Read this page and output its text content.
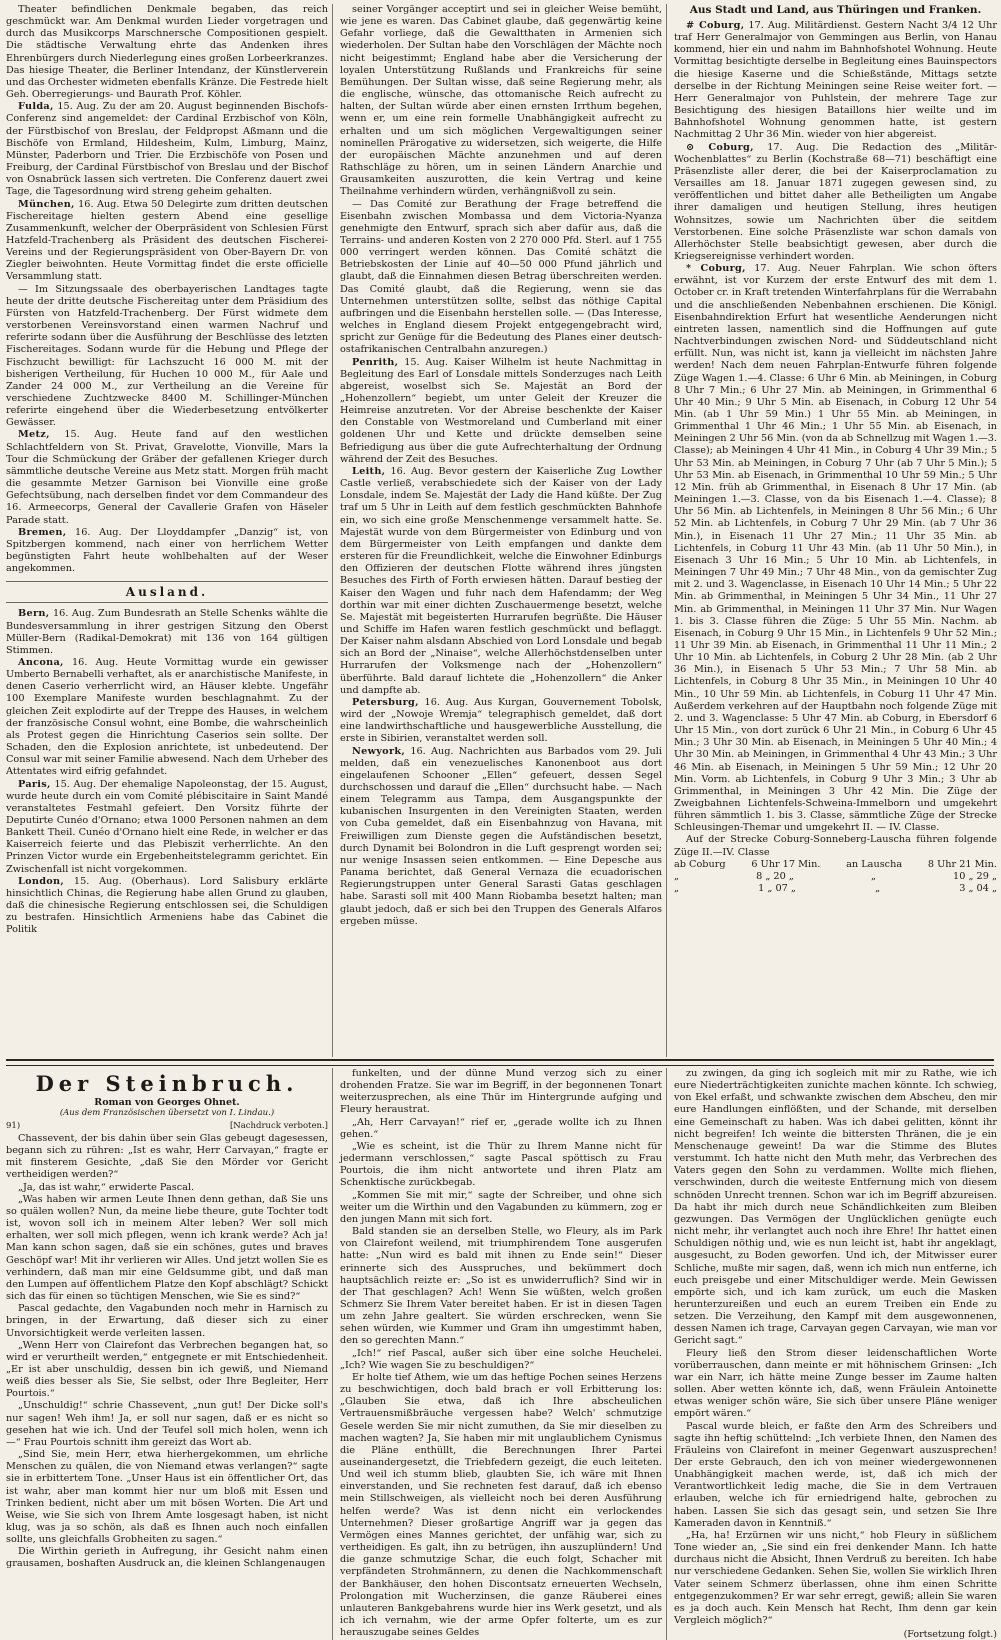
Theater befindlichen Denkmale begaben, das reich geschmückt war. Am Denkmal wurden Lieder vorgetragen und durch das Musikcorps Marschnersche Compositionen gespielt. Die städtische Verwaltung ehrte das Andenken ihres Ehrenbürgers durch Niederlegung eines großen Lorbeerkranzes. Das hiesige Theater, die Berliner Intendanz, der Künstlerverein und das Orchester widmeten ebenfalls Kränze. Die Festrede hielt Geh. Oberregierungs- und Baurath Prof. Köhler.

Fulda, 15. Aug. Zu der am 20. August beginnenden Bischofs-Conferenz sind angemeldet: der Cardinal Erzbischof von Köln, der Fürstbischof von Breslau, der Feldpropst Aßmann und die Bischöfe von Ermland, Hildesheim, Kulm, Limburg, Mainz, Münster, Paderborn und Trier. Die Erzbischöfe von Posen und Freiburg, der Cardinal Fürstbischof von Breslau und der Bischof von Osnabrück lassen sich vertreten. Die Conferenz dauert zwei Tage, die Tagesordnung wird streng geheim gehalten.

München, 16. Aug. Etwa 50 Delegirte zum dritten deutschen Fischereitage hielten gestern Abend eine gesellige Zusammenkunft, welcher der Oberpräsident von Schlesien Fürst Hatzfeld-Trachenberg als Präsident des deutschen Fischerei-Vereins und der Regierungspräsident von Ober-Bayern Dr. von Ziegler beiwohnten. Heute Vormittag findet die erste officielle Versammlung statt.

— Im Sitzungssaale des oberbayerischen Landtages tagte heute der dritte deutsche Fischereitag unter dem Präsidium des Fürsten von Hatzfeld-Trachenberg. Der Fürst widmete dem verstorbenen Vereinsvorstand einen warmen Nachruf und referirte sodann über die Ausführung der Beschlüsse des letzten Fischereitages. Sodann wurde für die Hebung und Pflege der Fischzucht bewilligt: für Lachszucht 16 000 M. mit der bisherigen Vertheilung, für Huchen 10 000 M., für Aale und Zander 24 000 M., zur Vertheilung an die Vereine für verschiedene Zuchtzwecke 8400 M. Schillinger-München referirte eingehend über die Wiederbesetzung entvölkerter Gewässer.

Metz, 15. Aug. Heute fand auf den westlichen Schlachtfeldern von St. Privat, Gravelotte, Vionville, Mars la Tour die Schmückung der Gräber der gefallenen Krieger durch sämmtliche deutsche Vereine aus Metz statt. Morgen früh macht die gesammte Metzer Garnison bei Vionville eine große Gefechtsübung, nach derselben findet vor dem Commandeur des 16. Armeecorps, General der Cavallerie Grafen von Häseler Parade statt.

Bremen, 16. Aug. Der Lloyddampfer „Danzig“ ist, von Spitzbergen kommend, nach einer von herrlichem Wetter begünstigten Fahrt heute wohlbehalten auf der Weser angekommen.

Ausland.

Bern, 16. Aug. Zum Bundesrath an Stelle Schenks wählte die Bundesversammlung in ihrer gestrigen Sitzung den Oberst Müller-Bern (Radikal-Demokrat) mit 136 von 164 gültigen Stimmen.

Ancona, 16. Aug. Heute Vormittag wurde ein gewisser Umberto Bernabelli verhaftet, als er anarchistische Manifeste, in denen Caserio verherrlicht wird, an Häuser klebte. Ungefähr 100 Exemplare Manifeste wurden beschlagnahmt. Zu der gleichen Zeit explodirte auf der Treppe des Hauses, in welchem der französische Consul wohnt, eine Bombe, die wahrscheinlich als Protest gegen die Hinrichtung Caserios sein sollte. Der Schaden, den die Explosion anrichtete, ist unbedeutend. Der Consul war mit seiner Familie abwesend. Nach dem Urheber des Attentates wird eifrig gefahndet.

Paris, 15. Aug. Der ehemalige Napoleonstag, der 15. August, wurde heute durch ein vom Comité plébiscitaire in Saint Mandé veranstaltetes Festmahl gefeiert. Den Vorsitz führte der Deputirte Cunéo d'Ornano; etwa 1000 Personen nahmen an dem Bankett Theil. Cunéo d'Ornano hielt eine Rede, in welcher er das Kaiserreich feierte und das Plebiszit verherrlichte. An den Prinzen Victor wurde ein Ergebenheitstelegramm gerichtet. Ein Zwischenfall ist nicht vorgekommen.

London, 15. Aug. (Oberhaus). Lord Salisbury erklärte hinsichtlich Chinas, die Regierung habe allen Grund zu glauben, daß die chinesische Regierung entschlossen sei, die Schuldigen zu bestrafen. Hinsichtlich Armeniens habe das Cabinet die Politik

seiner Vorgänger acceptirt und sei in gleicher Weise bemüht, wie jene es waren. Das Cabinet glaube, daß gegenwärtig keine Gefahr vorliege, daß die Gewaltthaten in Armenien sich wiederholen. Der Sultan habe den Vorschlägen der Mächte noch nicht beigestimmt; England habe aber die Versicherung der loyalen Unterstützung Rußlands und Frankreichs für seine Bemühungen. Der Sultan wisse, daß seine Regierung mehr, als die englische, wünsche, das ottomanische Reich aufrecht zu halten, der Sultan würde aber einen ernsten Irrthum begehen, wenn er, um eine rein formelle Unabhängigkeit aufrecht zu erhalten und um sich möglichen Vergewaltigungen seiner nominellen Prärogative zu widersetzen, sich weigerte, die Hilfe der europäischen Mächte anzunehmen und auf deren Rathschläge zu hören, um in seinen Ländern Anarchie und Grausamkeiten auszurotten, die kein Vertrag und keine Theilnahme verhindern würden, verhängnißvoll zu sein.

— Das Comité zur Berathung der Frage betreffend die Eisenbahn zwischen Mombassa und dem Victoria-Nyanza genehmigte den Entwurf, sprach sich aber dafür aus, daß die Terrains- und anderen Kosten von 2 270 000 Pfd. Sterl. auf 1 755 000 verringert werden können. Das Comité schätzt die Betriebskosten der Linie auf 40—50 000 Pfund jährlich und glaubt, daß die Einnahmen diesen Betrag überschreiten werden. Das Comité glaubt, daß die Regierung, wenn sie das Unternehmen unterstützen sollte, selbst das nöthige Capital aufbringen und die Eisenbahn herstellen solle. — (Das Interesse, welches in England diesem Projekt entgegengebracht wird, spricht zur Genüge für die Bedeutung des Planes einer deutsch-ostafrikanischen Centralbahn anzuregen.)

Penrith, 15. Aug. Kaiser Wilhelm ist heute Nachmittag in Begleitung des Earl of Lonsdale mittels Sonderzuges nach Leith abgereist, woselbst sich Se. Majestät an Bord der „Hohenzollern“ begiebt, um unter Geleit der Kreuzer die Heimreise anzutreten. Vor der Abreise beschenkte der Kaiser den Constable von Westmoreland und Cumberland mit einer goldenen Uhr und Kette und drückte demselben seine Befriedigung aus über die gute Aufrechterhaltung der Ordnung während der Zeit des Besuches.

Leith, 16. Aug. Bevor gestern der Kaiserliche Zug Lowther Castle verließ, verabschiedete sich der Kaiser von der Lady Lonsdale, indem Se. Majestät der Lady die Hand küßte. Der Zug traf um 5 Uhr in Leith auf dem festlich geschmückten Bahnhofe ein, wo sich eine große Menschenmenge versammelt hatte. Se. Majestät wurde von dem Bürgermeister von Edinburg und von dem Bürgermeister von Leith empfangen und dankte dem ersteren für die Freundlichkeit, welche die Einwohner Edinburgs den Offizieren der deutschen Flotte während ihres jüngsten Besuches des Firth of Forth erwiesen hätten. Darauf bestieg der Kaiser den Wagen und fuhr nach dem Hafendamm; der Weg dorthin war mit einer dichten Zuschauermenge besetzt, welche Se. Majestät mit begeisterten Hurrarufen begrüßte. Die Häuser und Schiffe im Hafen waren festlich geschmückt und beflaggt. Der Kaiser nahm alsdann Abschied von Lord Lonsdale und begab sich an Bord der „Ninaise“, welche Allerhöchstdenselben unter Hurrarufen der Volksmenge nach der „Hohenzollern“ überführte. Bald darauf lichtete die „Hohenzollern“ die Anker und dampfte ab.

Petersburg, 16. Aug. Aus Kurgan, Gouvernement Tobolsk, wird der „Nowoje Wremja“ telegraphisch gemeldet, daß dort eine landwirthschaftliche und hausgewerbliche Ausstellung, die erste in Sibirien, veranstaltet werden soll.

Newyork, 16. Aug. Nachrichten aus Barbados vom 29. Juli melden, daß ein venezuelisches Kanonenboot aus dort eingelaufenen Schooner „Ellen“ gefeuert, dessen Segel durchschossen und darauf die „Ellen“ durchsucht habe. — Nach einem Telegramm aus Tampa, dem Ausgangspunkte der kubanischen Insurgenten in den Vereinigten Staaten, werden von Cuba gemeldet, daß ein Eisenbahnzug von Havana, mit Freiwilligen zum Dienste gegen die Aufständischen besetzt, durch Dynamit bei Bolondron in die Luft gesprengt worden sei; nur wenige Insassen seien entkommen. — Eine Depesche aus Panama berichtet, daß General Vernaza die ecuadorischen Regierungstruppen unter General Sarasti Gatas geschlagen habe. Sarasti soll mit 400 Mann Riobamba besetzt halten; man glaubt jedoch, daß er sich bei den Truppen des Generals Alfaros ergeben müsse.

Aus Stadt und Land, aus Thüringen und Franken.

# Coburg, 17. Aug. Militärdienst. Gestern Nacht 3/4 12 Uhr traf Herr Generalmajor von Gemmingen aus Berlin, von Hanau kommend, hier ein und nahm im Bahnhofshotel Wohnung. Heute Vormittag besichtigte derselbe in Begleitung eines Bauinspectors die hiesige Kaserne und die Schießstände, Mittags setzte derselbe in der Richtung Meiningen seine Reise weiter fort. — Herr Generalmajor von Puhlstein, der mehrere Tage zur Besichtigung des hiesigen Bataillons hier weilte und im Bahnhofshotel Wohnung genommen hatte, ist gestern Nachmittag 2 Uhr 36 Min. wieder von hier abgereist.

⊙ Coburg, 17. Aug. Die Redaction des „Militär-Wochenblattes“ zu Berlin (Kochstraße 68—71) beschäftigt eine Präsenzliste aller derer, die bei der Kaiserproclamation zu Versailles am 18. Januar 1871 zugegen gewesen sind, zu veröffentlichen und bittet daher alle Betheiligten um Angabe ihrer damaligen und heutigen Stellung, ihres heutigen Wohnsitzes, sowie um Nachrichten über die seitdem Verstorbenen. Eine solche Präsenzliste war schon damals von Allerhöchster Stelle beabsichtigt gewesen, aber durch die Kriegsereignisse verhindert worden.

* Coburg, 17. Aug. Neuer Fahrplan. Wie schon öfters erwähnt, ist vor Kurzem der erste Entwurf des mit dem 1. October cr. in Kraft tretenden Winterfahrplans für die Werrabahn und die anschließenden Nebenbahnen erschienen. Die Königl. Eisenbahndirektion Erfurt hat wesentliche Aenderungen nicht eintreten lassen, namentlich sind die Hoffnungen auf gute Nachtverbindungen zwischen Nord- und Süddeutschland nicht erfüllt. Nun, was nicht ist, kann ja vielleicht im nächsten Jahre werden! Nach dem neuen Fahrplan-Entwurfe führen folgende Züge Wagen 1.—4. Classe: 6 Uhr 6 Min. ab Meiningen, in Coburg 8 Uhr 7 Min.; 6 Uhr 27 Min. ab Meiningen, in Grimmenthal 6 Uhr 40 Min.; 9 Uhr 5 Min. ab Eisenach, in Coburg 12 Uhr 54 Min. (ab 1 Uhr 59 Min.) 1 Uhr 55 Min. ab Meiningen, in Grimmenthal 1 Uhr 46 Min.; 1 Uhr 55 Min. ab Eisenach, in Meiningen 2 Uhr 56 Min. (von da ab Schnellzug mit Wagen 1.—3. Classe); ab Meiningen 4 Uhr 41 Min., in Coburg 4 Uhr 39 Min.; 5 Uhr 53 Min. ab Meiningen, in Coburg 7 Uhr (ab 7 Uhr 5 Min.); 5 Uhr 53 Min. ab Eisenach, in Grimmenthal 10 Uhr 59 Min.; 5 Uhr 12 Min. früh ab Grimmenthal, in Eisenach 8 Uhr 17 Min. (ab Meiningen 1.—3. Classe, von da bis Eisenach 1.—4. Classe); 8 Uhr 56 Min. ab Lichtenfels, in Meiningen 8 Uhr 56 Min.; 6 Uhr 52 Min. ab Lichtenfels, in Coburg 7 Uhr 29 Min. (ab 7 Uhr 36 Min.), in Eisenach 11 Uhr 27 Min.; 11 Uhr 35 Min. ab Lichtenfels, in Coburg 11 Uhr 43 Min. (ab 11 Uhr 50 Min.), in Eisenach 3 Uhr 16 Min.; 5 Uhr 10 Min. ab Lichtenfels, in Meiningen 7 Uhr 49 Min.; 7 Uhr 48 Min., von da gemischter Zug mit 2. und 3. Wagenclasse, in Eisenach 10 Uhr 14 Min.; 5 Uhr 22 Min. ab Grimmenthal, in Meiningen 5 Uhr 34 Min., 11 Uhr 27 Min. ab Grimmenthal, in Meiningen 11 Uhr 37 Min. Nur Wagen 1. bis 3. Classe führen die Züge: 5 Uhr 55 Min. Nachm. ab Eisenach, in Coburg 9 Uhr 15 Min., in Lichtenfels 9 Uhr 52 Min.; 11 Uhr 39 Min. ab Eisenach, in Grimmenthal 11 Uhr 11 Min.; 2 Uhr 10 Min. ab Lichtenfels, in Coburg 2 Uhr 28 Min. (ab 2 Uhr 36 Min.), in Eisenach 5 Uhr 53 Min.; 7 Uhr 58 Min. ab Lichtenfels, in Coburg 8 Uhr 35 Min., in Meiningen 10 Uhr 40 Min., 10 Uhr 59 Min. ab Lichtenfels, in Coburg 11 Uhr 47 Min. Außerdem verkehren auf der Hauptbahn noch folgende Züge mit 2. und 3. Wagenclasse: 5 Uhr 47 Min. ab Coburg, in Ebersdorf 6 Uhr 15 Min., von dort zurück 6 Uhr 21 Min., in Coburg 6 Uhr 45 Min.; 3 Uhr 30 Min. ab Eisenach, in Meiningen 5 Uhr 40 Min.; 4 Uhr 30 Min. ab Meiningen, in Grimmenthal 4 Uhr 43 Min.; 3 Uhr 46 Min. ab Eisenach, in Meiningen 5 Uhr 59 Min.; 12 Uhr 20 Min. Vorm. ab Lichtenfels, in Coburg 9 Uhr 3 Min.; 3 Uhr ab Grimmenthal, in Meiningen 3 Uhr 42 Min. Die Züge der Zweigbahnen Lichtenfels-Schweina-Immelborn und umgekehrt führen sämmtlich 1. bis 3. Classe, sämmtliche Züge der Strecke Schleusingen-Themar und umgekehrt II. — IV. Classe.

Auf der Strecke Coburg-Sonneberg-Lauscha führen folgende Züge II.—IV. Classe

ab Coburg	6 Uhr 17 Min.	an Lauscha	8 Uhr 21 Min.
„	8 „ 20 „	„	10 „ 29 „
„	1 „ 07 „	„	3 „ 04 „
Der Steinbruch.
Roman von Georges Ohnet.
(Aus dem Französischen übersetzt von I. Lindau.)
91)	[Nachdruck verboten.]

Chassevent, der bis dahin über sein Glas gebeugt dagesessen, begann sich zu rühren: „Ist es wahr, Herr Carvayan,“ fragte er mit finsterem Gesichte, „daß Sie den Mörder vor Gericht vertheidigen werden?“

„Ja, das ist wahr,“ erwiderte Pascal.

„Was haben wir armen Leute Ihnen denn gethan, daß Sie uns so quälen wollen? Nun, da meine liebe theure, gute Tochter todt ist, wovon soll ich in meinem Alter leben? Wer soll mich erhalten, wer soll mich pflegen, wenn ich krank werde? Ach ja! Man kann schon sagen, daß sie ein schönes, gutes und braves Geschöpf war! Mit ihr verlieren wir Alles. Und jetzt wollen Sie es verhindern, daß man mir eine Geldsumme gibt, und daß man den Lumpen auf öffentlichem Platze den Kopf abschlägt? Schickt sich das für einen so tüchtigen Menschen, wie Sie es sind?“

Pascal gedachte, den Vagabunden noch mehr in Harnisch zu bringen, in der Erwartung, daß dieser sich zu einer Unvorsichtigkeit werde verleiten lassen.

„Wenn Herr von Clairefont das Verbrechen begangen hat, so wird er verurtheilt werden,“ entgegnete er mit Entschiedenheit. „Er ist aber unschuldig, dessen bin ich gewiß, und Niemand weiß dies besser als Sie, Sie selbst, oder Ihre Begleiter, Herr Pourtois.“

„Unschuldig!“ schrie Chassevent, „nun gut! Der Dicke soll's nur sagen! Weh ihm! Ja, er soll nur sagen, daß er es nicht so gesehen hat wie ich. Und der Teufel soll mich holen, wenn ich —“ Frau Pourtois schnitt ihm gereizt das Wort ab.

„Sind Sie, mein Herr, etwa hierhergekommen, um ehrliche Menschen zu quälen, die von Niemand etwas verlangen?“ sagte sie in erbittertem Tone. „Unser Haus ist ein öffentlicher Ort, das ist wahr, aber man kommt hier nur um bloß mit Essen und Trinken bedient, nicht aber um mit bösen Worten. Die Art und Weise, wie Sie sich von Ihrem Amte losgesagt haben, ist nicht klug, was ja so schön, als daß es Ihnen auch noch einfallen sollte, uns gleichfalls Grobheiten zu sagen.“

Die Wirthin gerieth in Aufregung, ihr Gesicht nahm einen grausamen, boshaften Ausdruck an, die kleinen Schlangenaugen

funkelten, und der dünne Mund verzog sich zu einer drohenden Fratze. Sie war im Begriff, in der begonnenen Tonart weiterzusprechen, als eine Thür im Hintergrunde aufging und Fleury heraustrat.

„Ah, Herr Carvayan!“ rief er, „gerade wollte ich zu Ihnen gehen.“

„Wie es scheint, ist die Thür zu Ihrem Manne nicht für jedermann verschlossen,“ sagte Pascal spöttisch zu Frau Pourtois, die ihm nicht antwortete und ihren Platz am Schenktische zurückbegab.

„Kommen Sie mit mir,“ sagte der Schreiber, und ohne sich weiter um die Wirthin und den Vagabunden zu kümmern, zog er den jungen Mann mit sich fort.

Bald standen sie an derselben Stelle, wo Fleury, als im Park von Clairefont weilend, mit triumphirendem Tone ausgerufen hatte: „Nun wird es bald mit ihnen zu Ende sein!“ Dieser erinnerte sich des Ausspruches, und bekümmert doch hauptsächlich reizte er: „So ist es unwiderruflich? Sind wir in der That geschlagen? Ach! Wenn Sie wüßten, welch großen Schmerz Sie Ihrem Vater bereitet haben. Er ist in diesen Tagen um zehn Jahre gealtert. Sie würden erschrecken, wenn Sie sehen würden, wie Kummer und Gram ihn umgestimmt haben, den so gerechten Mann.“

„Ich!“ rief Pascal, außer sich über eine solche Heuchelei. „Ich? Wie wagen Sie zu beschuldigen?“

Er holte tief Athem, wie um das heftige Pochen seines Herzens zu beschwichtigen, doch bald brach er voll Erbitterung los: „Glauben Sie etwa, daß ich Ihre abscheulichen Vertrauensmißbräuche vergessen habe? Welch' schmutzige Gesele werden Sie mir nicht zumuthen, da Sie mir dieselben zu machen wagten? Ja, Sie haben mir mit unglaublichem Cynismus die Pläne enthüllt, die Berechnungen Ihrer Partei auseinandergesetzt, die Triebfedern gezeigt, die euch leiteten. Und weil ich stumm blieb, glaubten Sie, ich wäre mit Ihnen einverstanden, und Sie rechneten fest darauf, daß ich ebenso mein Stillschweigen, als vielleicht noch bei deren Ausführung helfen werde? Was ist denn nicht ein verlockendes Unternehmen? Dieser großartige Angriff war ja gegen das Vermögen eines Mannes gerichtet, der unfähig war, sich zu vertheidigen. Es galt, ihn zu betrügen, ihn auszuplündern! Und die ganze schmutzige Schar, die euch folgt, Schacher mit verpfändeten Strohmännern, zu denen die Nachkommenschaft der Bankhäuser, den hohen Discontsatz erneuerten Wechseln, Prolongation mit Wucherzinsen, die ganze Räuberei eines unlauteren Bankgebahrens wurde hier ins Werk gesetzt, und als ich ich vernahm, wie der arme Opfer folterte, um es zur herauszugabe seines Geldes

zu zwingen, da ging ich sogleich mit mir zu Rathe, wie ich eure Niederträchtigkeiten zunichte machen könnte. Ich schwieg, von Ekel erfaßt, und schwankte zwischen dem Abscheu, den mir eure Handlungen einflößten, und der Schande, mit derselben eine Gemeinschaft zu haben. Was ich dabei gelitten, könnt ihr nicht begreifen! Ich weinte die bittersten Thränen, die je ein Menschenauge geweint! Da war die Stimme des Blutes verstummt. Ich hatte nicht den Muth mehr, das Verbrechen des Vaters gegen den Sohn zu verdammen. Wollte mich fliehen, verschwinden, durch die weiteste Entfernung mich von diesem schnöden Unrecht trennen. Schon war ich im Begriff abzureisen. Da habt ihr mich durch neue Schändlichkeiten zum Bleiben gezwungen. Das Vermögen der Unglücklichen genügte euch nicht mehr, ihr verlangtet auch noch ihre Ehre! Ihr hattet einen Schuldigen nöthig und, wie es nun leicht ist, habt ihr angeklagt, ausgesucht, zu Boden geworfen. Und ich, der Mitwisser eurer Schliche, mußte mir sagen, daß, wenn ich mich nun entferne, ich euch preisgebe und einer Mitschuldiger werde. Mein Gewissen empörte sich, und ich kam zurück, um euch die Masken herunterzureißen und euch an eurem Treiben ein Ende zu setzen. Die Verzeihung, den Kampf mit dem ausgewonnenen, dessen Namen ich trage, Carvayan gegen Carvayan, wie man vor Gericht sagt.“

Fleury ließ den Strom dieser leidenschaftlichen Worte vorüberrauschen, dann meinte er mit höhnischem Grinsen: „Ich war ein Narr, ich hätte meine Zunge besser im Zaume halten sollen. Aber wetten könnte ich, daß, wenn Fräulein Antoinette etwas weniger schön wäre, Sie sich über unsere Pläne weniger empört wären.“

Pascal wurde bleich, er faßte den Arm des Schreibers und sagte ihn heftig schüttelnd: „Ich verbiete Ihnen, den Namen des Fräuleins von Clairefont in meiner Gegenwart auszusprechen! Der erste Gebrauch, den ich von meiner wiedergewonnenen Unabhängigkeit machen werde, ist, daß ich mich der Verantwortlichkeit ledig mache, die Sie in dem Vertrauen erlauben, welche ich für erniedrigend halte, gebrochen zu haben. Lassen Sie sich das gesagt sein, und setzen Sie Ihre Kameraden davon in Kenntniß.“

„Ha, ha! Erzürnen wir uns nicht,“ hob Fleury in süßlichem Tone wieder an, „Sie sind ein frei denkender Mann. Ich hatte durchaus nicht die Absicht, Ihnen Verdruß zu bereiten. Ich habe nur verschiedene Gedanken. Sehen Sie, wollen Sie wirklich Ihren Vater seinem Schmerz überlassen, ohne ihm einen Schritte entgegenzukommen? Er war sehr erregt, gewiß; allein Sie waren es ja doch auch. Kein Mensch hat Recht, Ihm denn gar kein Vergleich möglich?“

(Fortsetzung folgt.)
